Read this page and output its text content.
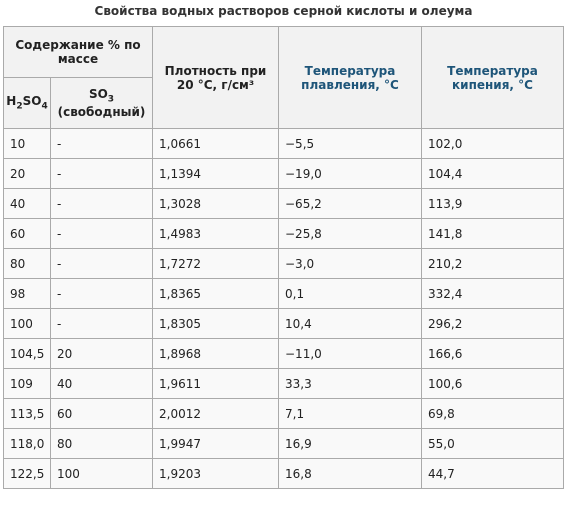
Свойства водных растворов серной кислоты и олеума
Содержание % по массе		Плотность при 20 °C, г/см³	Температура плавления, °C	Температура кипения, °C
$H_2SO_4$	$SO_3$
(свободный)			
10	-	1,0661	−5,5	102,0
20	-	1,1394	−19,0	104,4
40	-	1,3028	−65,2	113,9
60	-	1,4983	−25,8	141,8
80	-	1,7272	−3,0	210,2
98	-	1,8365	0,1	332,4
100	-	1,8305	10,4	296,2
104,5	20	1,8968	−11,0	166,6
109	40	1,9611	33,3	100,6
113,5	60	2,0012	7,1	69,8
118,0	80	1,9947	16,9	55,0
122,5	100	1,9203	16,8	44,7
